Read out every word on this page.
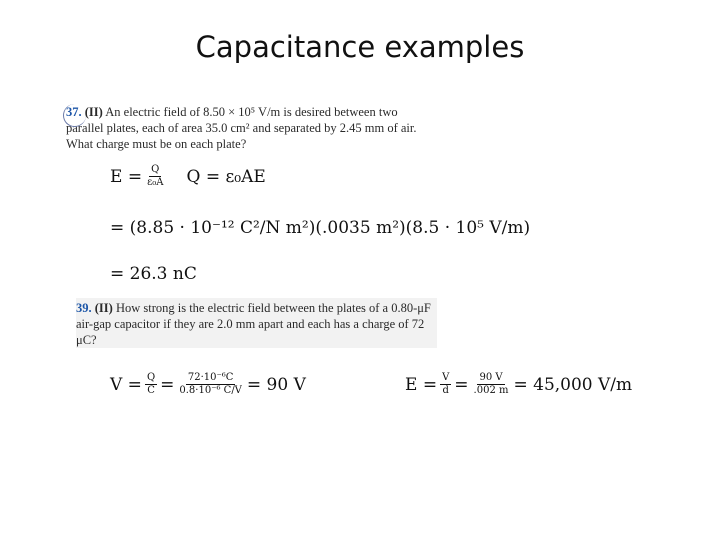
Capacitance examples
37. (II) An electric field of 8.50 × 10⁵ V/m is desired between two parallel plates, each of area 35.0 cm² and separated by 2.45 mm of air. What charge must be on each plate?
$E = \frac{Q}{\text{ε₀A}}$ Q = ε₀AE
= (8.85 · 10⁻¹² C²/N m²)(.0035 m²)(8.5 · 10⁵ V/m)
= 26.3 nC
39. (II) How strong is the electric field between the plates of a 0.80-μF air-gap capacitor if they are 2.0 mm apart and each has a charge of 72 μC?
$V = \frac{Q}{C} = \frac{\text{72·10⁻⁶C}}{\text{0.8·10⁻⁶ C/V}} = 90$ V	$E = \frac{V}{d} = \frac{90 V}{.002 m} = 45,000$ V/m
